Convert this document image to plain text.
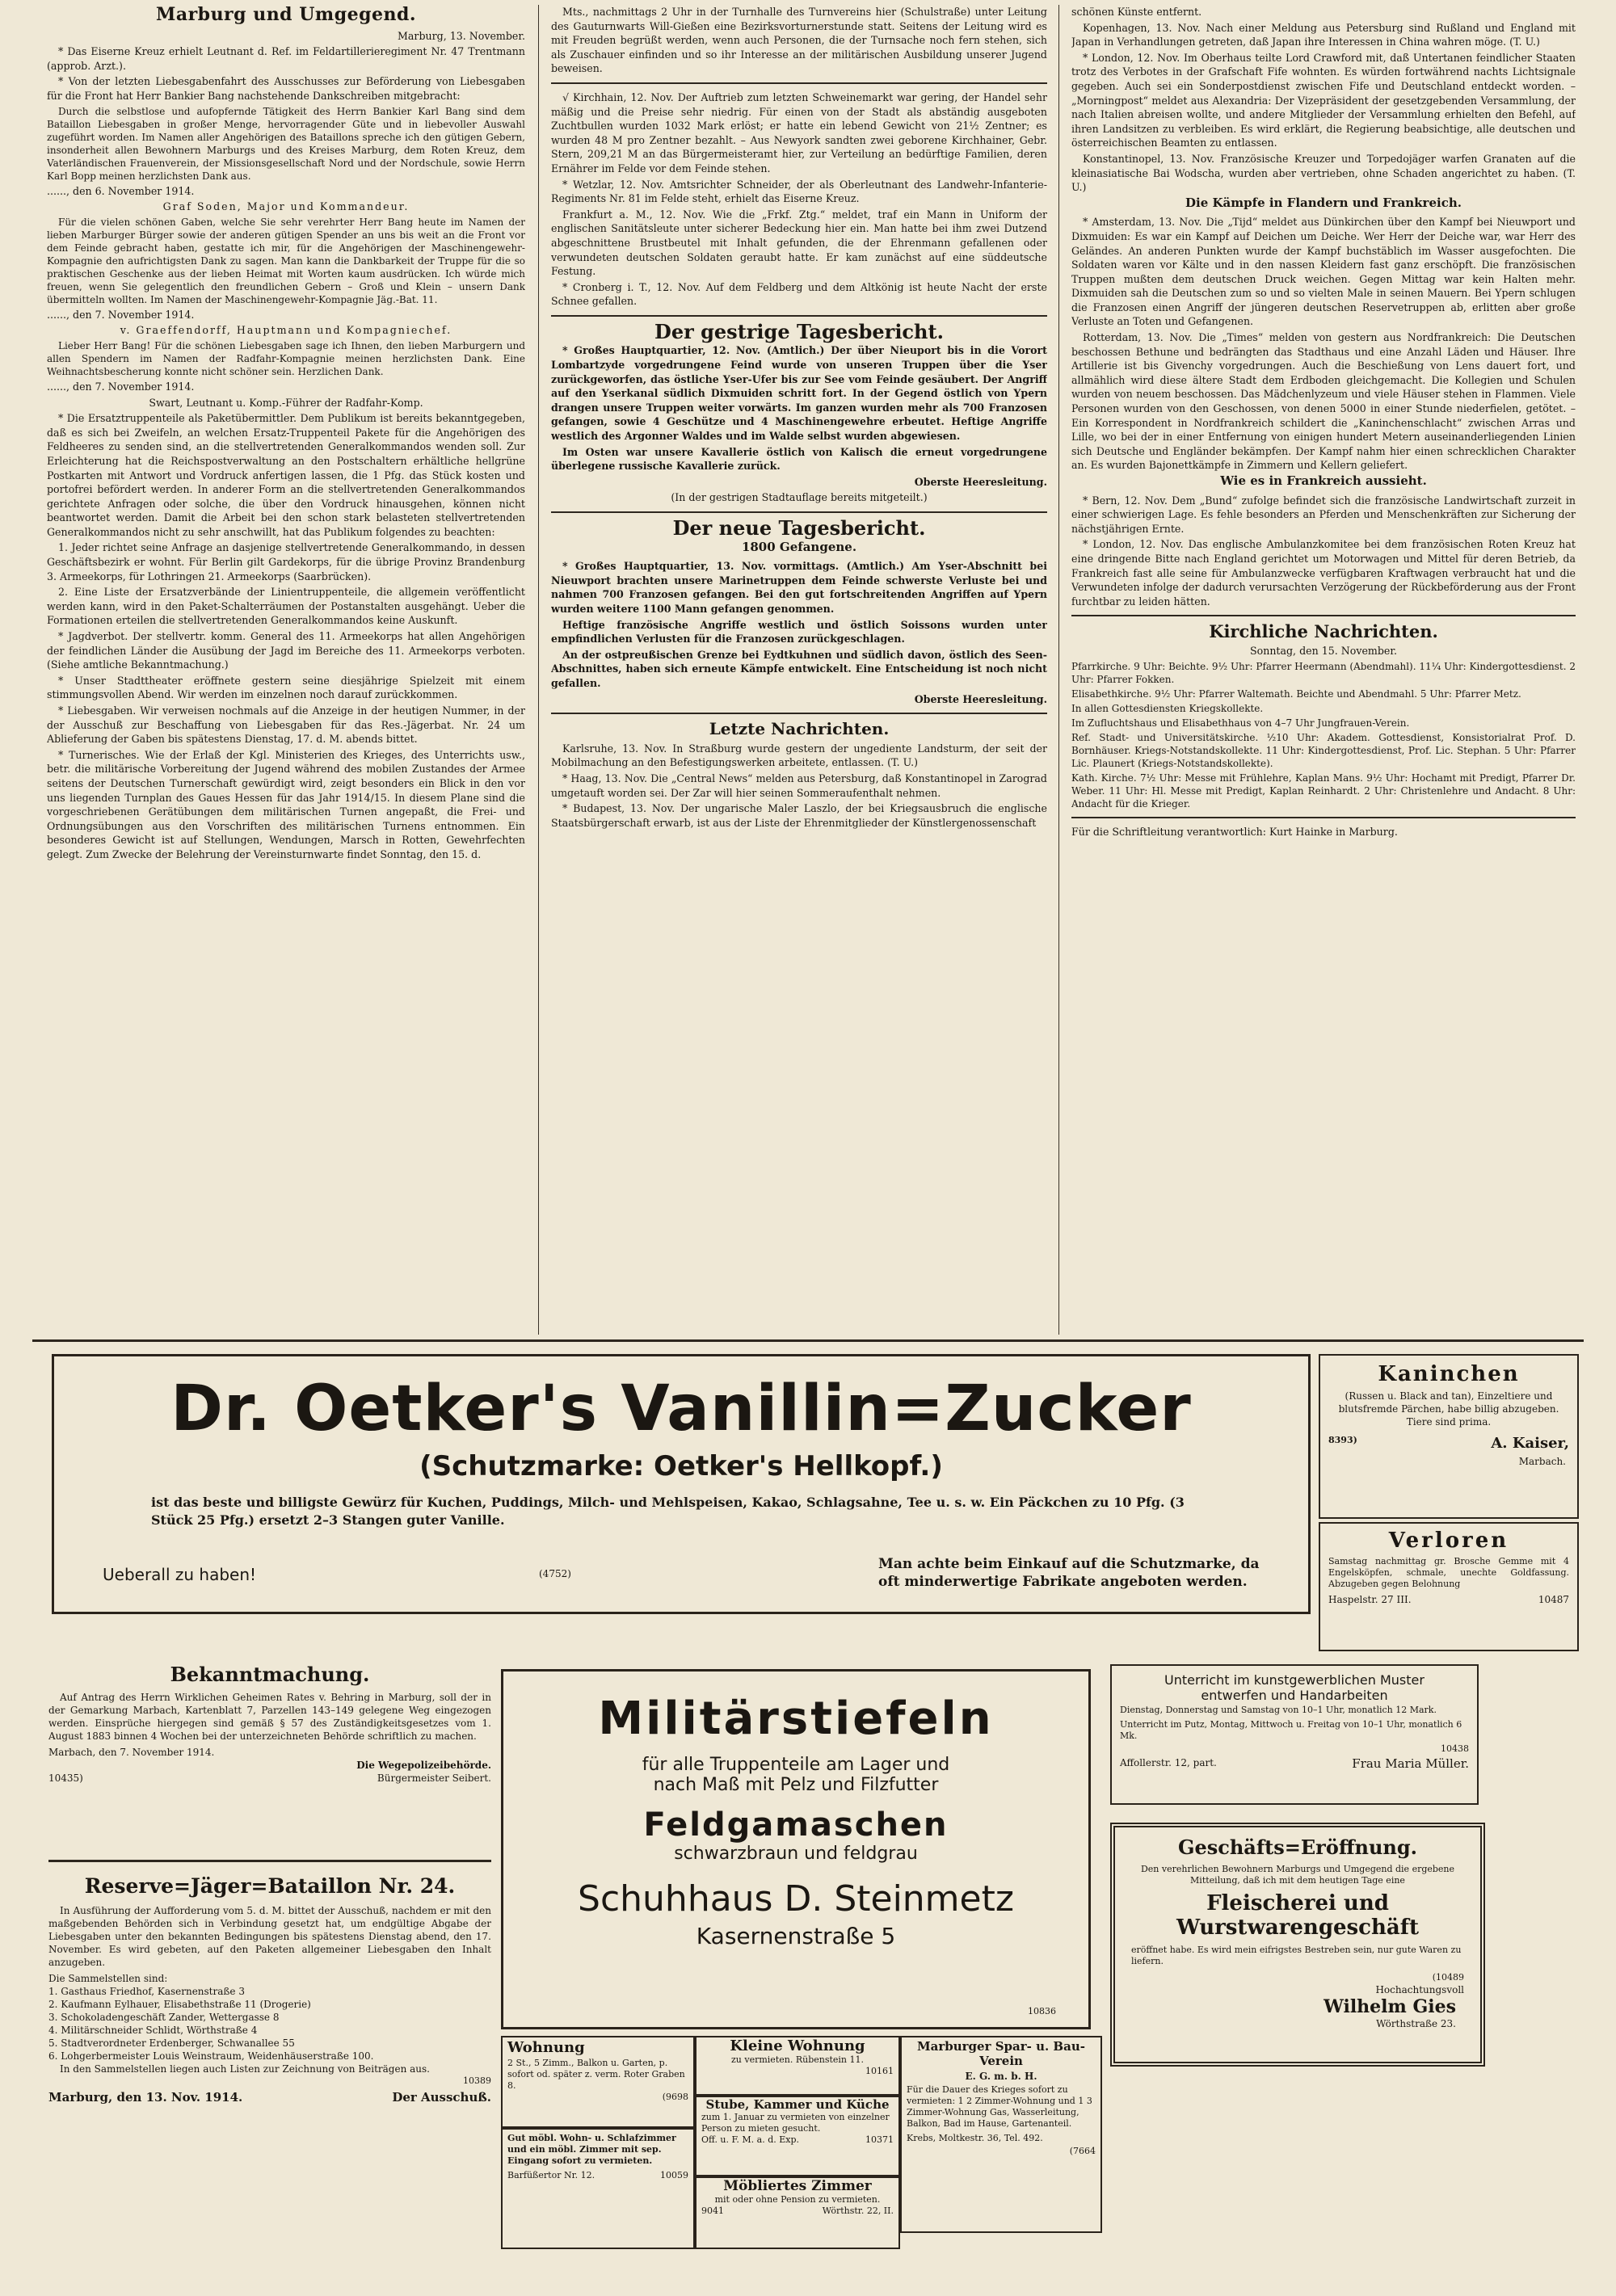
Marburg und Umgegend.

Marburg, 13. November.

* Das Eiserne Kreuz erhielt Leutnant d. Ref. im Feldartillerieregiment Nr. 47 Trentmann (approb. Arzt.).

* Von der letzten Liebesgabenfahrt des Ausschusses zur Beförderung von Liebesgaben für die Front hat Herr Bankier Bang nachstehende Dankschreiben mitgebracht:

Durch die selbstlose und aufopfernde Tätigkeit des Herrn Bankier Karl Bang sind dem Bataillon Liebesgaben in großer Menge, hervorragender Güte und in liebevoller Auswahl zugeführt worden. Im Namen aller Angehörigen des Bataillons spreche ich den gütigen Gebern, insonderheit allen Bewohnern Marburgs und des Kreises Marburg, dem Roten Kreuz, dem Vaterländischen Frauenverein, der Missionsgesellschaft Nord und der Nordschule, sowie Herrn Karl Bopp meinen herzlichsten Dank aus.

......, den 6. November 1914.

Graf Soden, Major und Kommandeur.

Für die vielen schönen Gaben, welche Sie sehr verehrter Herr Bang heute im Namen der lieben Marburger Bürger sowie der anderen gütigen Spender an uns bis weit an die Front vor dem Feinde gebracht haben, gestatte ich mir, für die Angehörigen der Maschinengewehr-Kompagnie den aufrichtigsten Dank zu sagen. Man kann die Dankbarkeit der Truppe für die so praktischen Geschenke aus der lieben Heimat mit Worten kaum ausdrücken. Ich würde mich freuen, wenn Sie gelegentlich den freundlichen Gebern – Groß und Klein – unsern Dank übermitteln wollten. Im Namen der Maschinengewehr-Kompagnie Jäg.-Bat. 11.

......, den 7. November 1914.

v. Graeffendorff, Hauptmann und Kompagniechef.

Lieber Herr Bang! Für die schönen Liebesgaben sage ich Ihnen, den lieben Marburgern und allen Spendern im Namen der Radfahr-Kompagnie meinen herzlichsten Dank. Eine Weihnachtsbescherung konnte nicht schöner sein. Herzlichen Dank.

......, den 7. November 1914.

Swart, Leutnant u. Komp.-Führer der Radfahr-Komp.

* Die Ersatztruppenteile als Paketübermittler. Dem Publikum ist bereits bekanntgegeben, daß es sich bei Zweifeln, an welchen Ersatz-Truppenteil Pakete für die Angehörigen des Feldheeres zu senden sind, an die stellvertretenden Generalkommandos wenden soll. Zur Erleichterung hat die Reichspostverwaltung an den Postschaltern erhältliche hellgrüne Postkarten mit Antwort und Vordruck anfertigen lassen, die 1 Pfg. das Stück kosten und portofrei befördert werden. In anderer Form an die stellvertretenden Generalkommandos gerichtete Anfragen oder solche, die über den Vordruck hinausgehen, können nicht beantwortet werden. Damit die Arbeit bei den schon stark belasteten stellvertretenden Generalkommandos nicht zu sehr anschwillt, hat das Publikum folgendes zu beachten:

1. Jeder richtet seine Anfrage an dasjenige stellvertretende Generalkommando, in dessen Geschäftsbezirk er wohnt. Für Berlin gilt Gardekorps, für die übrige Provinz Brandenburg 3. Armeekorps, für Lothringen 21. Armeekorps (Saarbrücken).

2. Eine Liste der Ersatzverbände der Linientruppenteile, die allgemein veröffentlicht werden kann, wird in den Paket-Schalterräumen der Postanstalten ausgehängt. Ueber die Formationen erteilen die stellvertretenden Generalkommandos keine Auskunft.

* Jagdverbot. Der stellvertr. komm. General des 11. Armeekorps hat allen Angehörigen der feindlichen Länder die Ausübung der Jagd im Bereiche des 11. Armeekorps verboten. (Siehe amtliche Bekanntmachung.)

* Unser Stadttheater eröffnete gestern seine diesjährige Spielzeit mit einem stimmungsvollen Abend. Wir werden im einzelnen noch darauf zurückkommen.

* Liebesgaben. Wir verweisen nochmals auf die Anzeige in der heutigen Nummer, in der der Ausschuß zur Beschaffung von Liebesgaben für das Res.-Jägerbat. Nr. 24 um Ablieferung der Gaben bis spätestens Dienstag, 17. d. M. abends bittet.

* Turnerisches. Wie der Erlaß der Kgl. Ministerien des Krieges, des Unterrichts usw., betr. die militärische Vorbereitung der Jugend während des mobilen Zustandes der Armee seitens der Deutschen Turnerschaft gewürdigt wird, zeigt besonders ein Blick in den vor uns liegenden Turnplan des Gaues Hessen für das Jahr 1914/15. In diesem Plane sind die vorgeschriebenen Gerätübungen dem militärischen Turnen angepaßt, die Frei- und Ordnungsübungen aus den Vorschriften des militärischen Turnens entnommen. Ein besonderes Gewicht ist auf Stellungen, Wendungen, Marsch in Rotten, Gewehrfechten gelegt. Zum Zwecke der Belehrung der Vereinsturnwarte findet Sonntag, den 15. d.

Mts., nachmittags 2 Uhr in der Turnhalle des Turnvereins hier (Schulstraße) unter Leitung des Gauturnwarts Will-Gießen eine Bezirksvorturnerstunde statt. Seitens der Leitung wird es mit Freuden begrüßt werden, wenn auch Personen, die der Turnsache noch fern stehen, sich als Zuschauer einfinden und so ihr Interesse an der militärischen Ausbildung unserer Jugend beweisen.

√ Kirchhain, 12. Nov. Der Auftrieb zum letzten Schweinemarkt war gering, der Handel sehr mäßig und die Preise sehr niedrig. Für einen von der Stadt als abständig ausgeboten Zuchtbullen wurden 1032 Mark erlöst; er hatte ein lebend Gewicht von 21½ Zentner; es wurden 48 M pro Zentner bezahlt. – Aus Newyork sandten zwei geborene Kirchhainer, Gebr. Stern, 209,21 M an das Bürgermeisteramt hier, zur Verteilung an bedürftige Familien, deren Ernährer im Felde vor dem Feinde stehen.

* Wetzlar, 12. Nov. Amtsrichter Schneider, der als Oberleutnant des Landwehr-Infanterie-Regiments Nr. 81 im Felde steht, erhielt das Eiserne Kreuz.

Frankfurt a. M., 12. Nov. Wie die „Frkf. Ztg.“ meldet, traf ein Mann in Uniform der englischen Sanitätsleute unter sicherer Bedeckung hier ein. Man hatte bei ihm zwei Dutzend abgeschnittene Brustbeutel mit Inhalt gefunden, die der Ehrenmann gefallenen oder verwundeten deutschen Soldaten geraubt hatte. Er kam zunächst auf eine süddeutsche Festung.

* Cronberg i. T., 12. Nov. Auf dem Feldberg und dem Altkönig ist heute Nacht der erste Schnee gefallen.

Der gestrige Tagesbericht.

* Großes Hauptquartier, 12. Nov. (Amtlich.) Der über Nieuport bis in die Vorort Lombartzyde vorgedrungene Feind wurde von unseren Truppen über die Yser zurückgeworfen, das östliche Yser-Ufer bis zur See vom Feinde gesäubert. Der Angriff auf den Yserkanal südlich Dixmuiden schritt fort. In der Gegend östlich von Ypern drangen unsere Truppen weiter vorwärts. Im ganzen wurden mehr als 700 Franzosen gefangen, sowie 4 Geschütze und 4 Maschinengewehre erbeutet. Heftige Angriffe westlich des Argonner Waldes und im Walde selbst wurden abgewiesen.

Im Osten war unsere Kavallerie östlich von Kalisch die erneut vorgedrungene überlegene russische Kavallerie zurück.

Oberste Heeresleitung.

(In der gestrigen Stadtauflage bereits mitgeteilt.)

Der neue Tagesbericht.
1800 Gefangene.

* Großes Hauptquartier, 13. Nov. vormittags. (Amtlich.) Am Yser-Abschnitt bei Nieuwport brachten unsere Marinetruppen dem Feinde schwerste Verluste bei und nahmen 700 Franzosen gefangen. Bei den gut fortschreitenden Angriffen auf Ypern wurden weitere 1100 Mann gefangen genommen.

Heftige französische Angriffe westlich und östlich Soissons wurden unter empfindlichen Verlusten für die Franzosen zurückgeschlagen.

An der ostpreußischen Grenze bei Eydtkuhnen und südlich davon, östlich des Seen-Abschnittes, haben sich erneute Kämpfe entwickelt. Eine Entscheidung ist noch nicht gefallen.

Oberste Heeresleitung.

Letzte Nachrichten.

Karlsruhe, 13. Nov. In Straßburg wurde gestern der ungediente Landsturm, der seit der Mobilmachung an den Befestigungswerken arbeitete, entlassen. (T. U.)

* Haag, 13. Nov. Die „Central News“ melden aus Petersburg, daß Konstantinopel in Zarograd umgetauft worden sei. Der Zar will hier seinen Sommeraufenthalt nehmen.

* Budapest, 13. Nov. Der ungarische Maler Laszlo, der bei Kriegsausbruch die englische Staatsbürgerschaft erwarb, ist aus der Liste der Ehrenmitglieder der Künstlergenossenschaft

schönen Künste entfernt.

Kopenhagen, 13. Nov. Nach einer Meldung aus Petersburg sind Rußland und England mit Japan in Verhandlungen getreten, daß Japan ihre Interessen in China wahren möge. (T. U.)

* London, 12. Nov. Im Oberhaus teilte Lord Crawford mit, daß Untertanen feindlicher Staaten trotz des Verbotes in der Grafschaft Fife wohnten. Es würden fortwährend nachts Lichtsignale gegeben. Auch sei ein Sonderpostdienst zwischen Fife und Deutschland entdeckt worden. – „Morningpost“ meldet aus Alexandria: Der Vizepräsident der gesetzgebenden Versammlung, der nach Italien abreisen wollte, und andere Mitglieder der Versammlung erhielten den Befehl, auf ihren Landsitzen zu verbleiben. Es wird erklärt, die Regierung beabsichtige, alle deutschen und österreichischen Beamten zu entlassen.

Konstantinopel, 13. Nov. Französische Kreuzer und Torpedojäger warfen Granaten auf die kleinasiatische Bai Wodscha, wurden aber vertrieben, ohne Schaden angerichtet zu haben. (T. U.)

Die Kämpfe in Flandern und Frankreich.

* Amsterdam, 13. Nov. Die „Tijd“ meldet aus Dünkirchen über den Kampf bei Nieuwport und Dixmuiden: Es war ein Kampf auf Deichen um Deiche. Wer Herr der Deiche war, war Herr des Geländes. An anderen Punkten wurde der Kampf buchstäblich im Wasser ausgefochten. Die Soldaten waren vor Kälte und in den nassen Kleidern fast ganz erschöpft. Die französischen Truppen mußten dem deutschen Druck weichen. Gegen Mittag war kein Halten mehr. Dixmuiden sah die Deutschen zum so und so vielten Male in seinen Mauern. Bei Ypern schlugen die Franzosen einen Angriff der jüngeren deutschen Reservetruppen ab, erlitten aber große Verluste an Toten und Gefangenen.

Rotterdam, 13. Nov. Die „Times“ melden von gestern aus Nordfrankreich: Die Deutschen beschossen Bethune und bedrängten das Stadthaus und eine Anzahl Läden und Häuser. Ihre Artillerie ist bis Givenchy vorgedrungen. Auch die Beschießung von Lens dauert fort, und allmählich wird diese ältere Stadt dem Erdboden gleichgemacht. Die Kollegien und Schulen wurden von neuem beschossen. Das Mädchenlyzeum und viele Häuser stehen in Flammen. Viele Personen wurden von den Geschossen, von denen 5000 in einer Stunde niederfielen, getötet. – Ein Korrespondent in Nordfrankreich schildert die „Kaninchenschlacht“ zwischen Arras und Lille, wo bei der in einer Entfernung von einigen hundert Metern auseinanderliegenden Linien sich Deutsche und Engländer bekämpfen. Der Kampf nahm hier einen schrecklichen Charakter an. Es wurden Bajonettkämpfe in Zimmern und Kellern geliefert.

Wie es in Frankreich aussieht.

* Bern, 12. Nov. Dem „Bund“ zufolge befindet sich die französische Landwirtschaft zurzeit in einer schwierigen Lage. Es fehle besonders an Pferden und Menschenkräften zur Sicherung der nächstjährigen Ernte.

* London, 12. Nov. Das englische Ambulanzkomitee bei dem französischen Roten Kreuz hat eine dringende Bitte nach England gerichtet um Motorwagen und Mittel für deren Betrieb, da Frankreich fast alle seine für Ambulanzwecke verfügbaren Kraftwagen verbraucht hat und die Verwundeten infolge der dadurch verursachten Verzögerung der Rückbeförderung aus der Front furchtbar zu leiden hätten.

Kirchliche Nachrichten.

Sonntag, den 15. November.

Pfarrkirche. 9 Uhr: Beichte. 9½ Uhr: Pfarrer Heermann (Abendmahl). 11¼ Uhr: Kindergottesdienst. 2 Uhr: Pfarrer Fokken.

Elisabethkirche. 9½ Uhr: Pfarrer Waltemath. Beichte und Abendmahl. 5 Uhr: Pfarrer Metz.

In allen Gottesdiensten Kriegskollekte.

Im Zufluchtshaus und Elisabethhaus von 4–7 Uhr Jungfrauen-Verein.

Ref. Stadt- und Universitätskirche. ½10 Uhr: Akadem. Gottesdienst, Konsistorialrat Prof. D. Bornhäuser. Kriegs-Notstandskollekte. 11 Uhr: Kindergottesdienst, Prof. Lic. Stephan. 5 Uhr: Pfarrer Lic. Plaunert (Kriegs-Notstandskollekte).

Kath. Kirche. 7½ Uhr: Messe mit Frühlehre, Kaplan Mans. 9½ Uhr: Hochamt mit Predigt, Pfarrer Dr. Weber. 11 Uhr: Hl. Messe mit Predigt, Kaplan Reinhardt. 2 Uhr: Christenlehre und Andacht. 8 Uhr: Andacht für die Krieger.

Für die Schriftleitung verantwortlich: Kurt Hainke in Marburg.

Dr. Oetker's Vanillin=Zucker
(Schutzmarke: Oetker's Hellkopf.)
ist das beste und billigste Gewürz für Kuchen, Puddings, Milch- und Mehlspeisen, Kakao, Schlagsahne, Tee u. s. w. Ein Päckchen zu 10 Pfg. (3 Stück 25 Pfg.) ersetzt 2–3 Stangen guter Vanille.
Ueberall zu haben!	(4752)
Man achte beim Einkauf auf die Schutzmarke, da oft minderwertige Fabrikate angeboten werden.
Kaninchen
(Russen u. Black and tan), Einzeltiere und blutsfremde Pärchen, habe billig abzugeben. Tiere sind prima.
8393)	A. Kaiser,
Marbach.
Verloren
Samstag nachmittag gr. Brosche Gemme mit 4 Engelsköpfen, schmale, unechte Goldfassung. Abzugeben gegen Belohnung
Haspelstr. 27 III.	10487
Bekanntmachung.
Auf Antrag des Herrn Wirklichen Geheimen Rates v. Behring in Marburg, soll der in der Gemarkung Marbach, Kartenblatt 7, Parzellen 143–149 gelegene Weg eingezogen werden. Einsprüche hiergegen sind gemäß § 57 des Zuständigkeitsgesetzes vom 1. August 1883 binnen 4 Wochen bei der unterzeichneten Behörde schriftlich zu machen.
Marbach, den 7. November 1914.
Die Wegepolizeibehörde.
10435)	Bürgermeister Seibert.
Reserve=Jäger=Bataillon Nr. 24.
In Ausführung der Aufforderung vom 5. d. M. bittet der Ausschuß, nachdem er mit den maßgebenden Behörden sich in Verbindung gesetzt hat, um endgültige Abgabe der Liebesgaben unter den bekannten Bedingungen bis spätestens Dienstag abend, den 17. November. Es wird gebeten, auf den Paketen allgemeiner Liebesgaben den Inhalt anzugeben.
Die Sammelstellen sind:
1. Gasthaus Friedhof, Kasernenstraße 3
2. Kaufmann Eylhauer, Elisabethstraße 11 (Drogerie)
3. Schokoladengeschäft Zander, Wettergasse 8
4. Militärschneider Schlidt, Wörthstraße 4
5. Stadtverordneter Erdenberger, Schwanallee 55
6. Lohgerbermeister Louis Weinstraum, Weidenhäuserstraße 100.
In den Sammelstellen liegen auch Listen zur Zeichnung von Beiträgen aus.
10389
Marburg, den 13. Nov. 1914.	Der Ausschuß.
Militärstiefeln
für alle Truppenteile am Lager und
nach Maß mit Pelz und Filzfutter
Feldgamaschen
schwarzbraun und feldgrau
Schuhhaus D. Steinmetz
Kasernenstraße 5
10836
Unterricht im kunstgewerblichen Muster
entwerfen und Handarbeiten
Dienstag, Donnerstag und Samstag von 10–1 Uhr, monatlich 12 Mark.
Unterricht im Putz, Montag, Mittwoch u. Freitag von 10–1 Uhr, monatlich 6 Mk.
10438
Affollerstr. 12, part.	Frau Maria Müller.
Geschäfts=Eröffnung.
Den verehrlichen Bewohnern Marburgs und Umgegend die ergebene Mitteilung, daß ich mit dem heutigen Tage eine
Fleischerei und Wurstwarengeschäft
eröffnet habe. Es wird mein eifrigstes Bestreben sein, nur gute Waren zu liefern.
(10489
Hochachtungsvoll
Wilhelm Gies
Wörthstraße 23.
Wohnung
2 St., 5 Zimm., Balkon u. Garten, p. sofort od. später z. verm. Roter Graben 8.
(9698
Kleine Wohnung
zu vermieten. Rübenstein 11.
10161
Stube, Kammer und Küche
zum 1. Januar zu vermieten von einzelner Person zu mieten gesucht.
Off. u. F. M. a. d. Exp.	10371
Marburger Spar- u. Bau-Verein
E. G. m. b. H.
Für die Dauer des Krieges sofort zu vermieten: 1 2 Zimmer-Wohnung und 1 3 Zimmer-Wohnung Gas, Wasserleitung, Balkon, Bad im Hause, Gartenanteil.
Krebs, Moltkestr. 36, Tel. 492.
(7664
Gut möbl. Wohn- u. Schlafzimmer und ein möbl. Zimmer mit sep. Eingang sofort zu vermieten.
Barfüßertor Nr. 12.	10059
Möbliertes Zimmer
mit oder ohne Pension zu vermieten.
9041	Wörthstr. 22, II.
